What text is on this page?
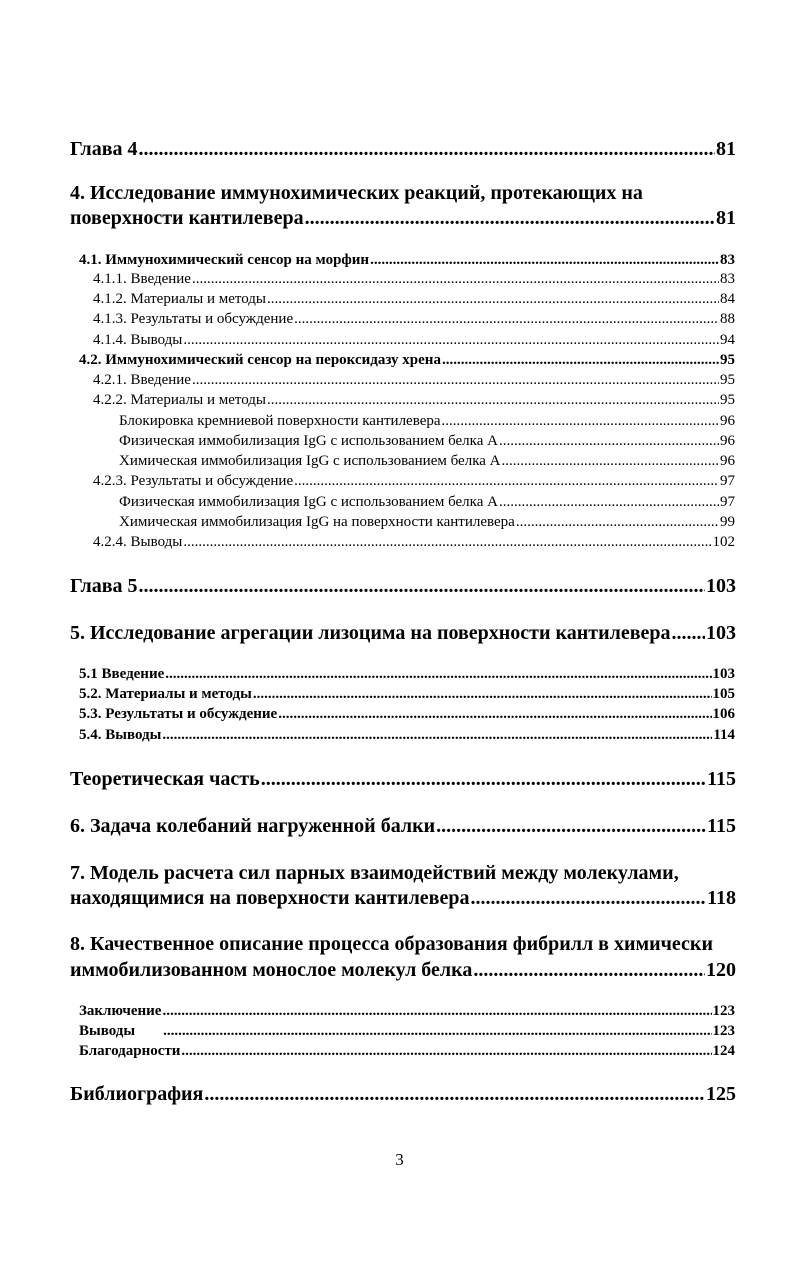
Глава 4 .....	81
4. Исследование иммунохимических реакций, протекающих на
поверхности кантилевера .....	81
4.1. Иммунохимический сенсор на морфин .....	83
4.1.1. Введение .....	83
4.1.2. Материалы и методы .....	84
4.1.3. Результаты и обсуждение .....	88
4.1.4. Выводы .....	94
4.2. Иммунохимический сенсор на пероксидазу хрена .....	95
4.2.1. Введение .....	95
4.2.2. Материалы и методы .....	95
Блокировка кремниевой поверхности кантилевера .....	96
Физическая иммобилизация IgG с использованием белка А .....	96
Химическая иммобилизация IgG с использованием белка А .....	96
4.2.3. Результаты и обсуждение .....	97
Физическая иммобилизация IgG с использованием белка А .....	97
Химическая иммобилизация IgG на поверхности кантилевера .....	99
4.2.4. Выводы .....	102
Глава 5 .....	103
5. Исследование агрегации лизоцима на поверхности кантилевера ..... 103
5.1 Введение .....	103
5.2. Материалы и методы .....	105
5.3. Результаты и обсуждение .....	106
5.4. Выводы .....	114
Теоретическая часть .....	115
6. Задача колебаний нагруженной балки .....	115
7. Модель расчета сил парных взаимодействий между молекулами,
находящимися на поверхности кантилевера .....	118
8. Качественное описание процесса образования фибрилл в химически
иммобилизованном монослое молекул белка .....	120
Заключение .....	123
Выводы .....	123
Благодарности .....	124
Библиография .....	125
3
